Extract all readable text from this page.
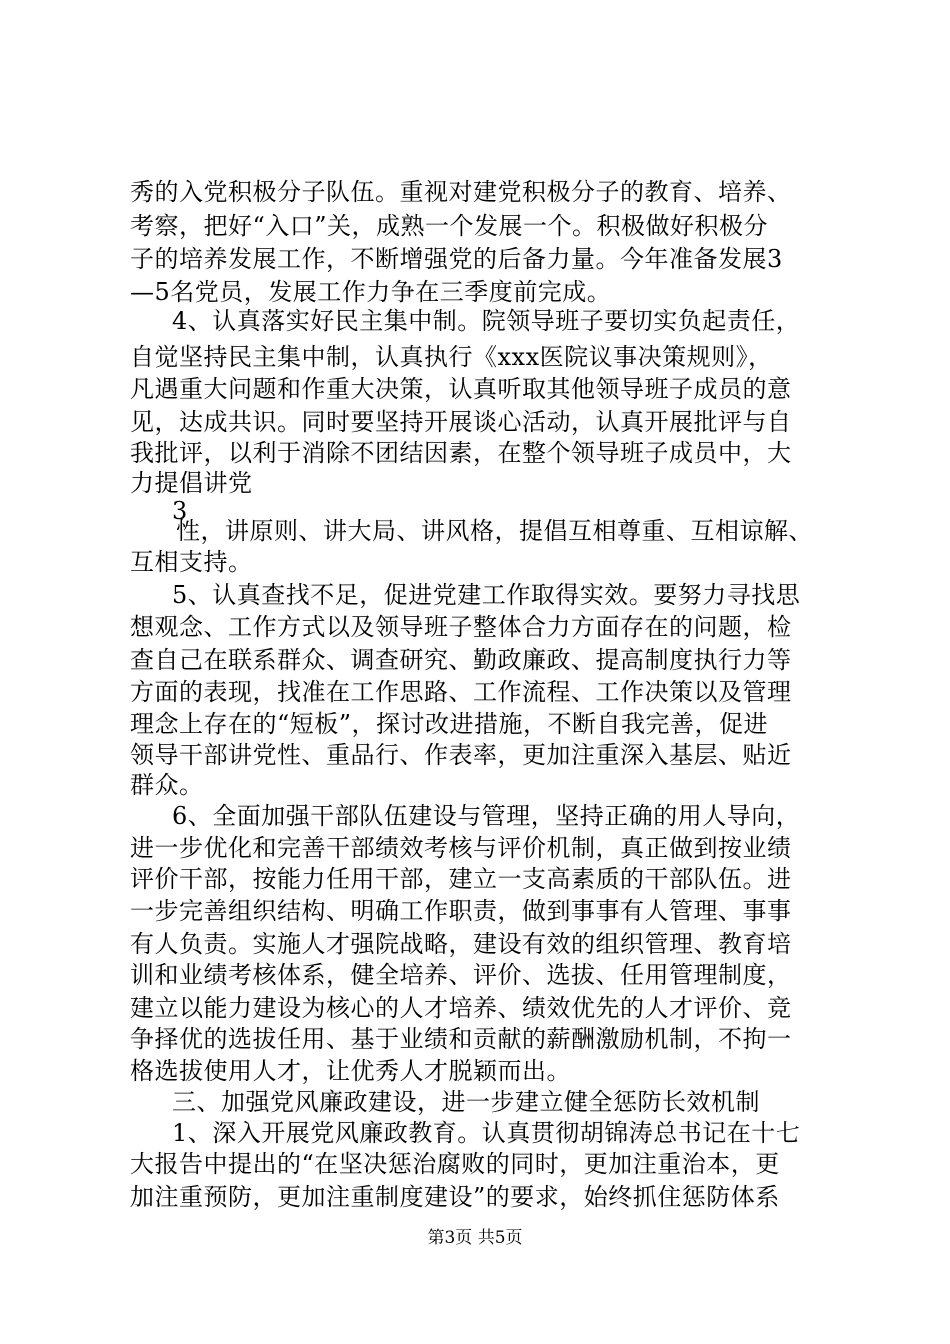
秀的入党积极分子队伍。重视对建党积极分子的教育、培养、
考察，把好“入口”关，成熟一个发展一个。积极做好积极分
子的培养发展工作，不断增强党的后备力量。今年准备发展3
—5名党员，发展工作力争在三季度前完成。
4、认真落实好民主集中制。院领导班子要切实负起责任，
自觉坚持民主集中制，认真执行《xxx医院议事决策规则》，
凡遇重大问题和作重大决策，认真听取其他领导班子成员的意
见，达成共识。同时要坚持开展谈心活动，认真开展批评与自
我批评，以利于消除不团结因素，在整个领导班子成员中，大
力提倡讲党
3
性，讲原则、讲大局、讲风格，提倡互相尊重、互相谅解、
互相支持。
5、认真查找不足，促进党建工作取得实效。要努力寻找思
想观念、工作方式以及领导班子整体合力方面存在的问题，检
查自己在联系群众、调查研究、勤政廉政、提高制度执行力等
方面的表现，找准在工作思路、工作流程、工作决策以及管理
理念上存在的“短板”，探讨改进措施，不断自我完善，促进
领导干部讲党性、重品行、作表率，更加注重深入基层、贴近
群众。
6、全面加强干部队伍建设与管理，坚持正确的用人导向，
进一步优化和完善干部绩效考核与评价机制，真正做到按业绩
评价干部，按能力任用干部，建立一支高素质的干部队伍。进
一步完善组织结构、明确工作职责，做到事事有人管理、事事
有人负责。实施人才强院战略，建设有效的组织管理、教育培
训和业绩考核体系，健全培养、评价、选拔、任用管理制度，
建立以能力建设为核心的人才培养、绩效优先的人才评价、竞
争择优的选拔任用、基于业绩和贡献的薪酬激励机制，不拘一
格选拔使用人才，让优秀人才脱颖而出。
三、加强党风廉政建设，进一步建立健全惩防长效机制
1、深入开展党风廉政教育。认真贯彻胡锦涛总书记在十七
大报告中提出的“在坚决惩治腐败的同时，更加注重治本，更
加注重预防，更加注重制度建设”的要求，始终抓住惩防体系
第3页 共5页
